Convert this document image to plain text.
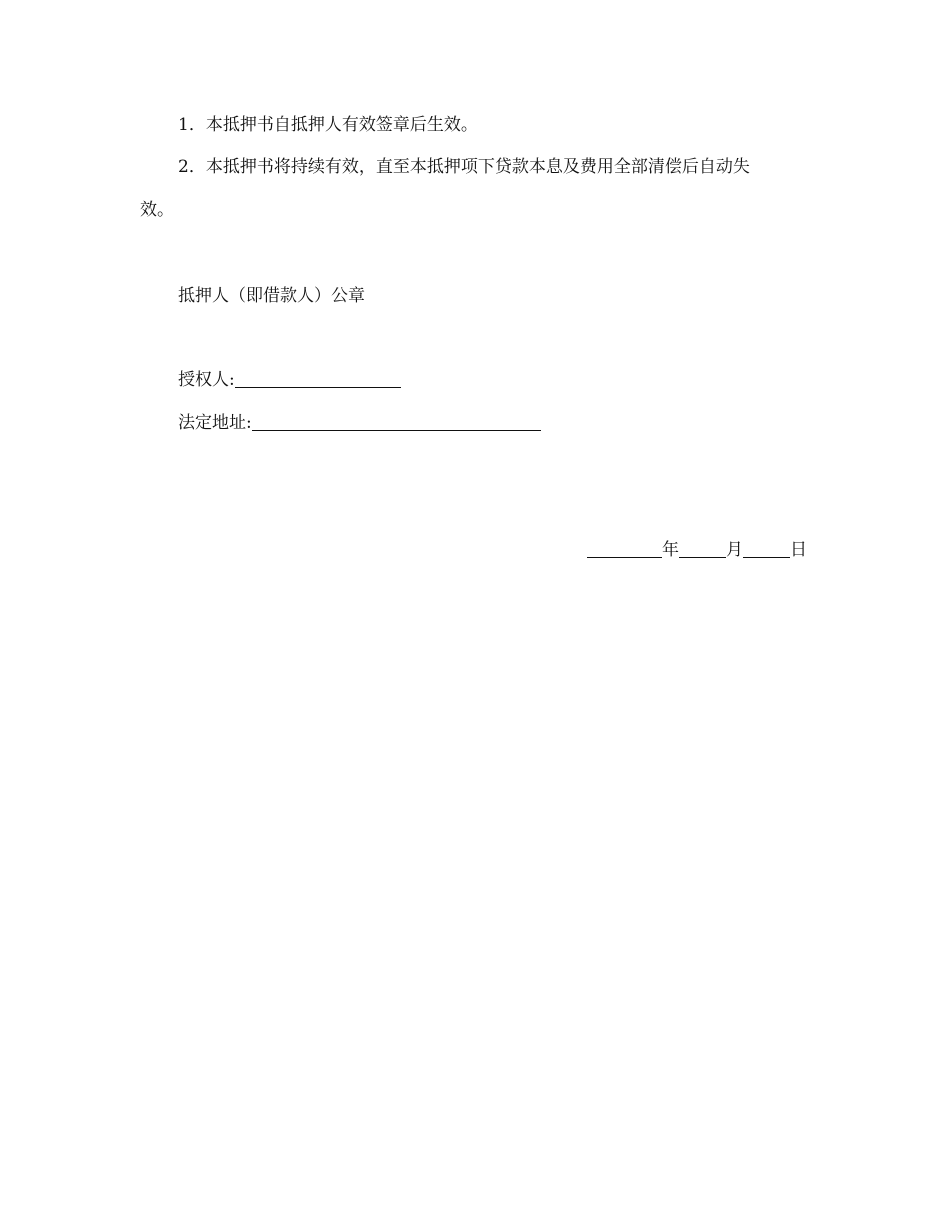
1．本抵押书自抵押人有效签章后生效。
2．本抵押书将持续有效，直至本抵押项下贷款本息及费用全部清偿后自动失
效。
抵押人（即借款人）公章
授权人:
法定地址:
年	月	日
